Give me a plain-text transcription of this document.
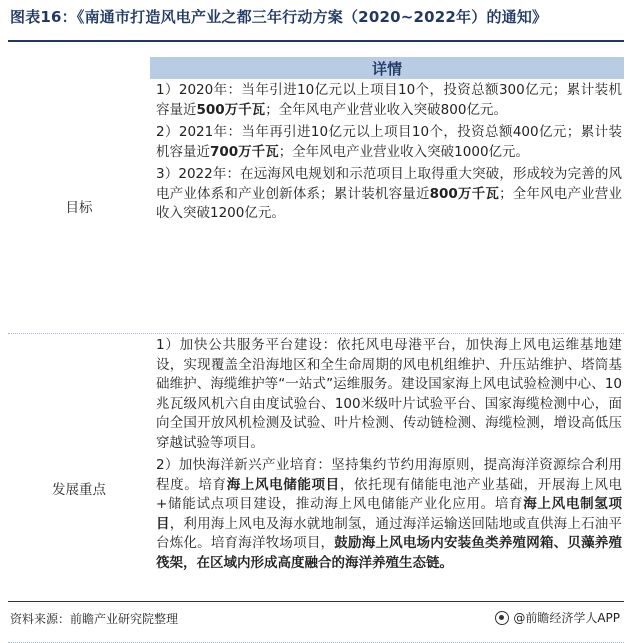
图表16：《南通市打造风电产业之都三年行动方案（2020~2022年）的通知》
详情
目标

1）2020年：当年引进10亿元以上项目10个，投资总额300亿元；累计装机容量近500万千瓦；全年风电产业营业收入突破800亿元。

2）2021年：当年再引进10亿元以上项目10个，投资总额400亿元；累计装机容量近700万千瓦；全年风电产业营业收入突破1000亿元。

3）2022年：在远海风电规划和示范项目上取得重大突破，形成较为完善的风电产业体系和产业创新体系；累计装机容量近800万千瓦；全年风电产业营业收入突破1200亿元。

发展重点

1）加快公共服务平台建设：依托风电母港平台，加快海上风电运维基地建设，实现覆盖全沿海地区和全生命周期的风电机组维护、升压站维护、塔筒基础维护、海缆维护等“一站式”运维服务。建设国家海上风电试验检测中心、10兆瓦级风机六自由度试验台、100米级叶片试验平台、国家海缆检测中心，面向全国开放风机检测及试验、叶片检测、传动链检测、海缆检测，增设高低压穿越试验等项目。

2）加快海洋新兴产业培育：坚持集约节约用海原则，提高海洋资源综合利用程度。培育海上风电储能项目，依托现有储能电池产业基础，开展海上风电+储能试点项目建设，推动海上风电储能产业化应用。培育海上风电制氢项目，利用海上风电及海水就地制氢，通过海洋运输送回陆地或直供海上石油平台炼化。培育海洋牧场项目，鼓励海上风电场内安装鱼类养殖网箱、贝藻养殖筏架，在区域内形成高度融合的海洋养殖生态链。

资料来源：前瞻产业研究院整理	@前瞻经济学人APP
